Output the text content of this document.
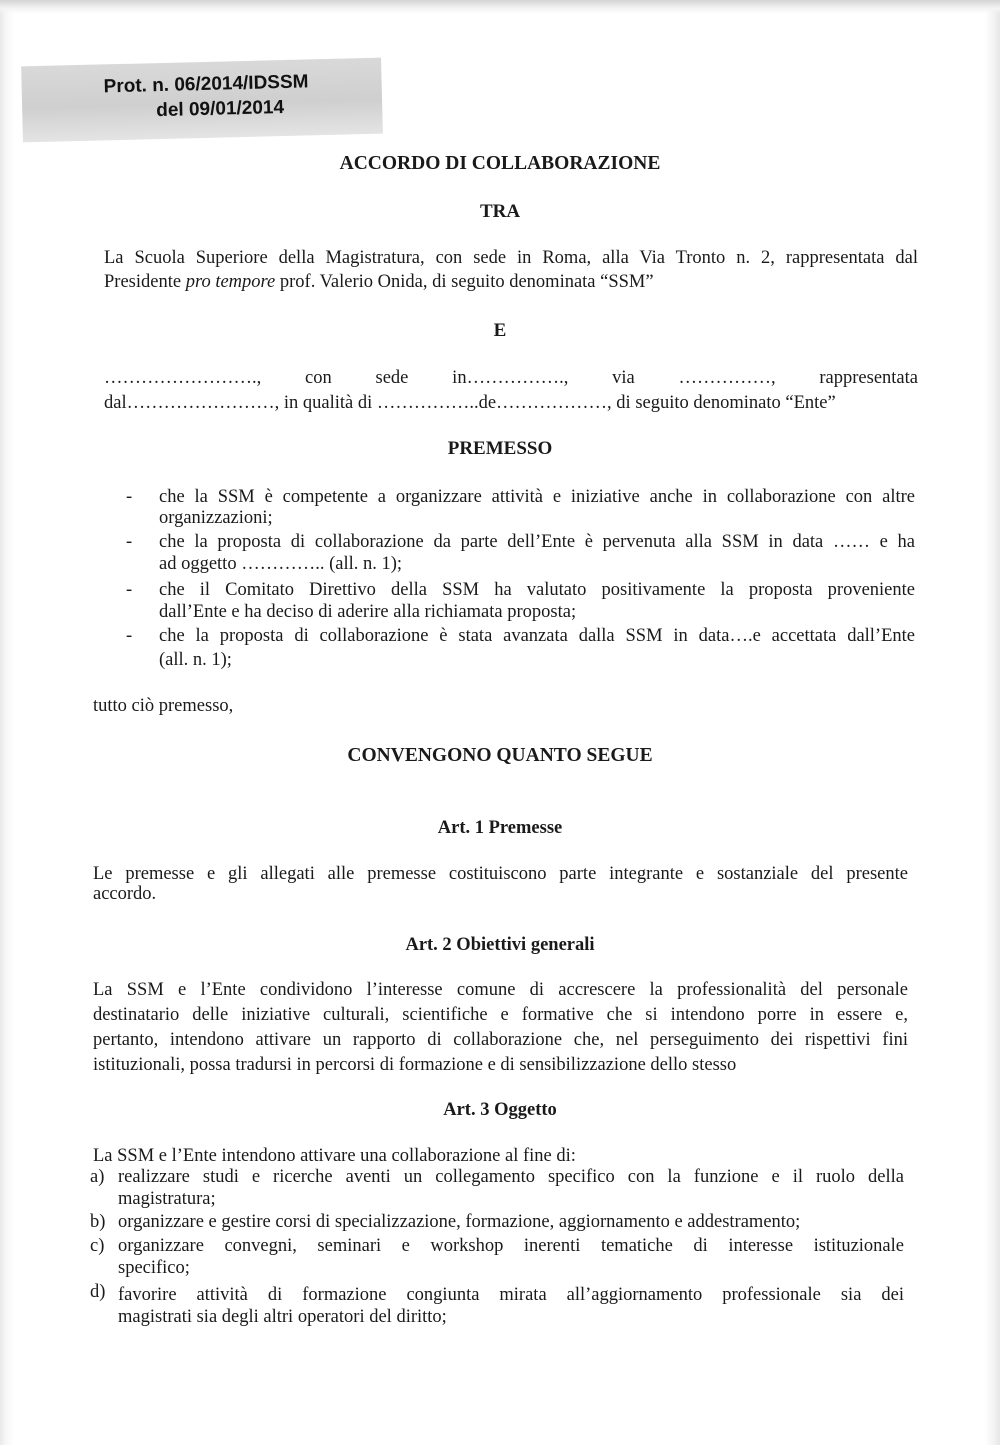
Prot. n. 06/2014/IDSSM
del 09/01/2014
ACCORDO DI COLLABORAZIONE
TRA
La Scuola Superiore della Magistratura, con sede in Roma, alla Via Tronto n. 2, rappresentata dal
Presidente pro tempore prof. Valerio Onida, di seguito denominata “SSM”
E
……………………., con sede in……………., via ……………, rappresentata
dal……………………, in qualità di ……………..de………………, di seguito denominato “Ente”
PREMESSO
- che la SSM è competente a organizzare attività e iniziative anche in collaborazione con altre
organizzazioni;
- che la proposta di collaborazione da parte dell’Ente è pervenuta alla SSM in data …… e ha
ad oggetto ………….. (all. n. 1);
- che il Comitato Direttivo della SSM ha valutato positivamente la proposta proveniente
dall’Ente e ha deciso di aderire alla richiamata proposta;
- che la proposta di collaborazione è stata avanzata dalla SSM in data….e accettata dall’Ente
(all. n. 1);
tutto ciò premesso,
CONVENGONO QUANTO SEGUE
Art. 1 Premesse
Le premesse e gli allegati alle premesse costituiscono parte integrante e sostanziale del presente
accordo.
Art. 2 Obiettivi generali
La SSM e l’Ente condividono l’interesse comune di accrescere la professionalità del personale
destinatario delle iniziative culturali, scientifiche e formative che si intendono porre in essere e,
pertanto, intendono attivare un rapporto di collaborazione che, nel perseguimento dei rispettivi fini
istituzionali, possa tradursi in percorsi di formazione e di sensibilizzazione dello stesso
Art. 3 Oggetto
La SSM e l’Ente intendono attivare una collaborazione al fine di:
a) realizzare studi e ricerche aventi un collegamento specifico con la funzione e il ruolo della
magistratura;
b) organizzare e gestire corsi di specializzazione, formazione, aggiornamento e addestramento;
c) organizzare convegni, seminari e workshop inerenti tematiche di interesse istituzionale
specifico;
d) favorire attività di formazione congiunta mirata all’aggiornamento professionale sia dei
magistrati sia degli altri operatori del diritto;
